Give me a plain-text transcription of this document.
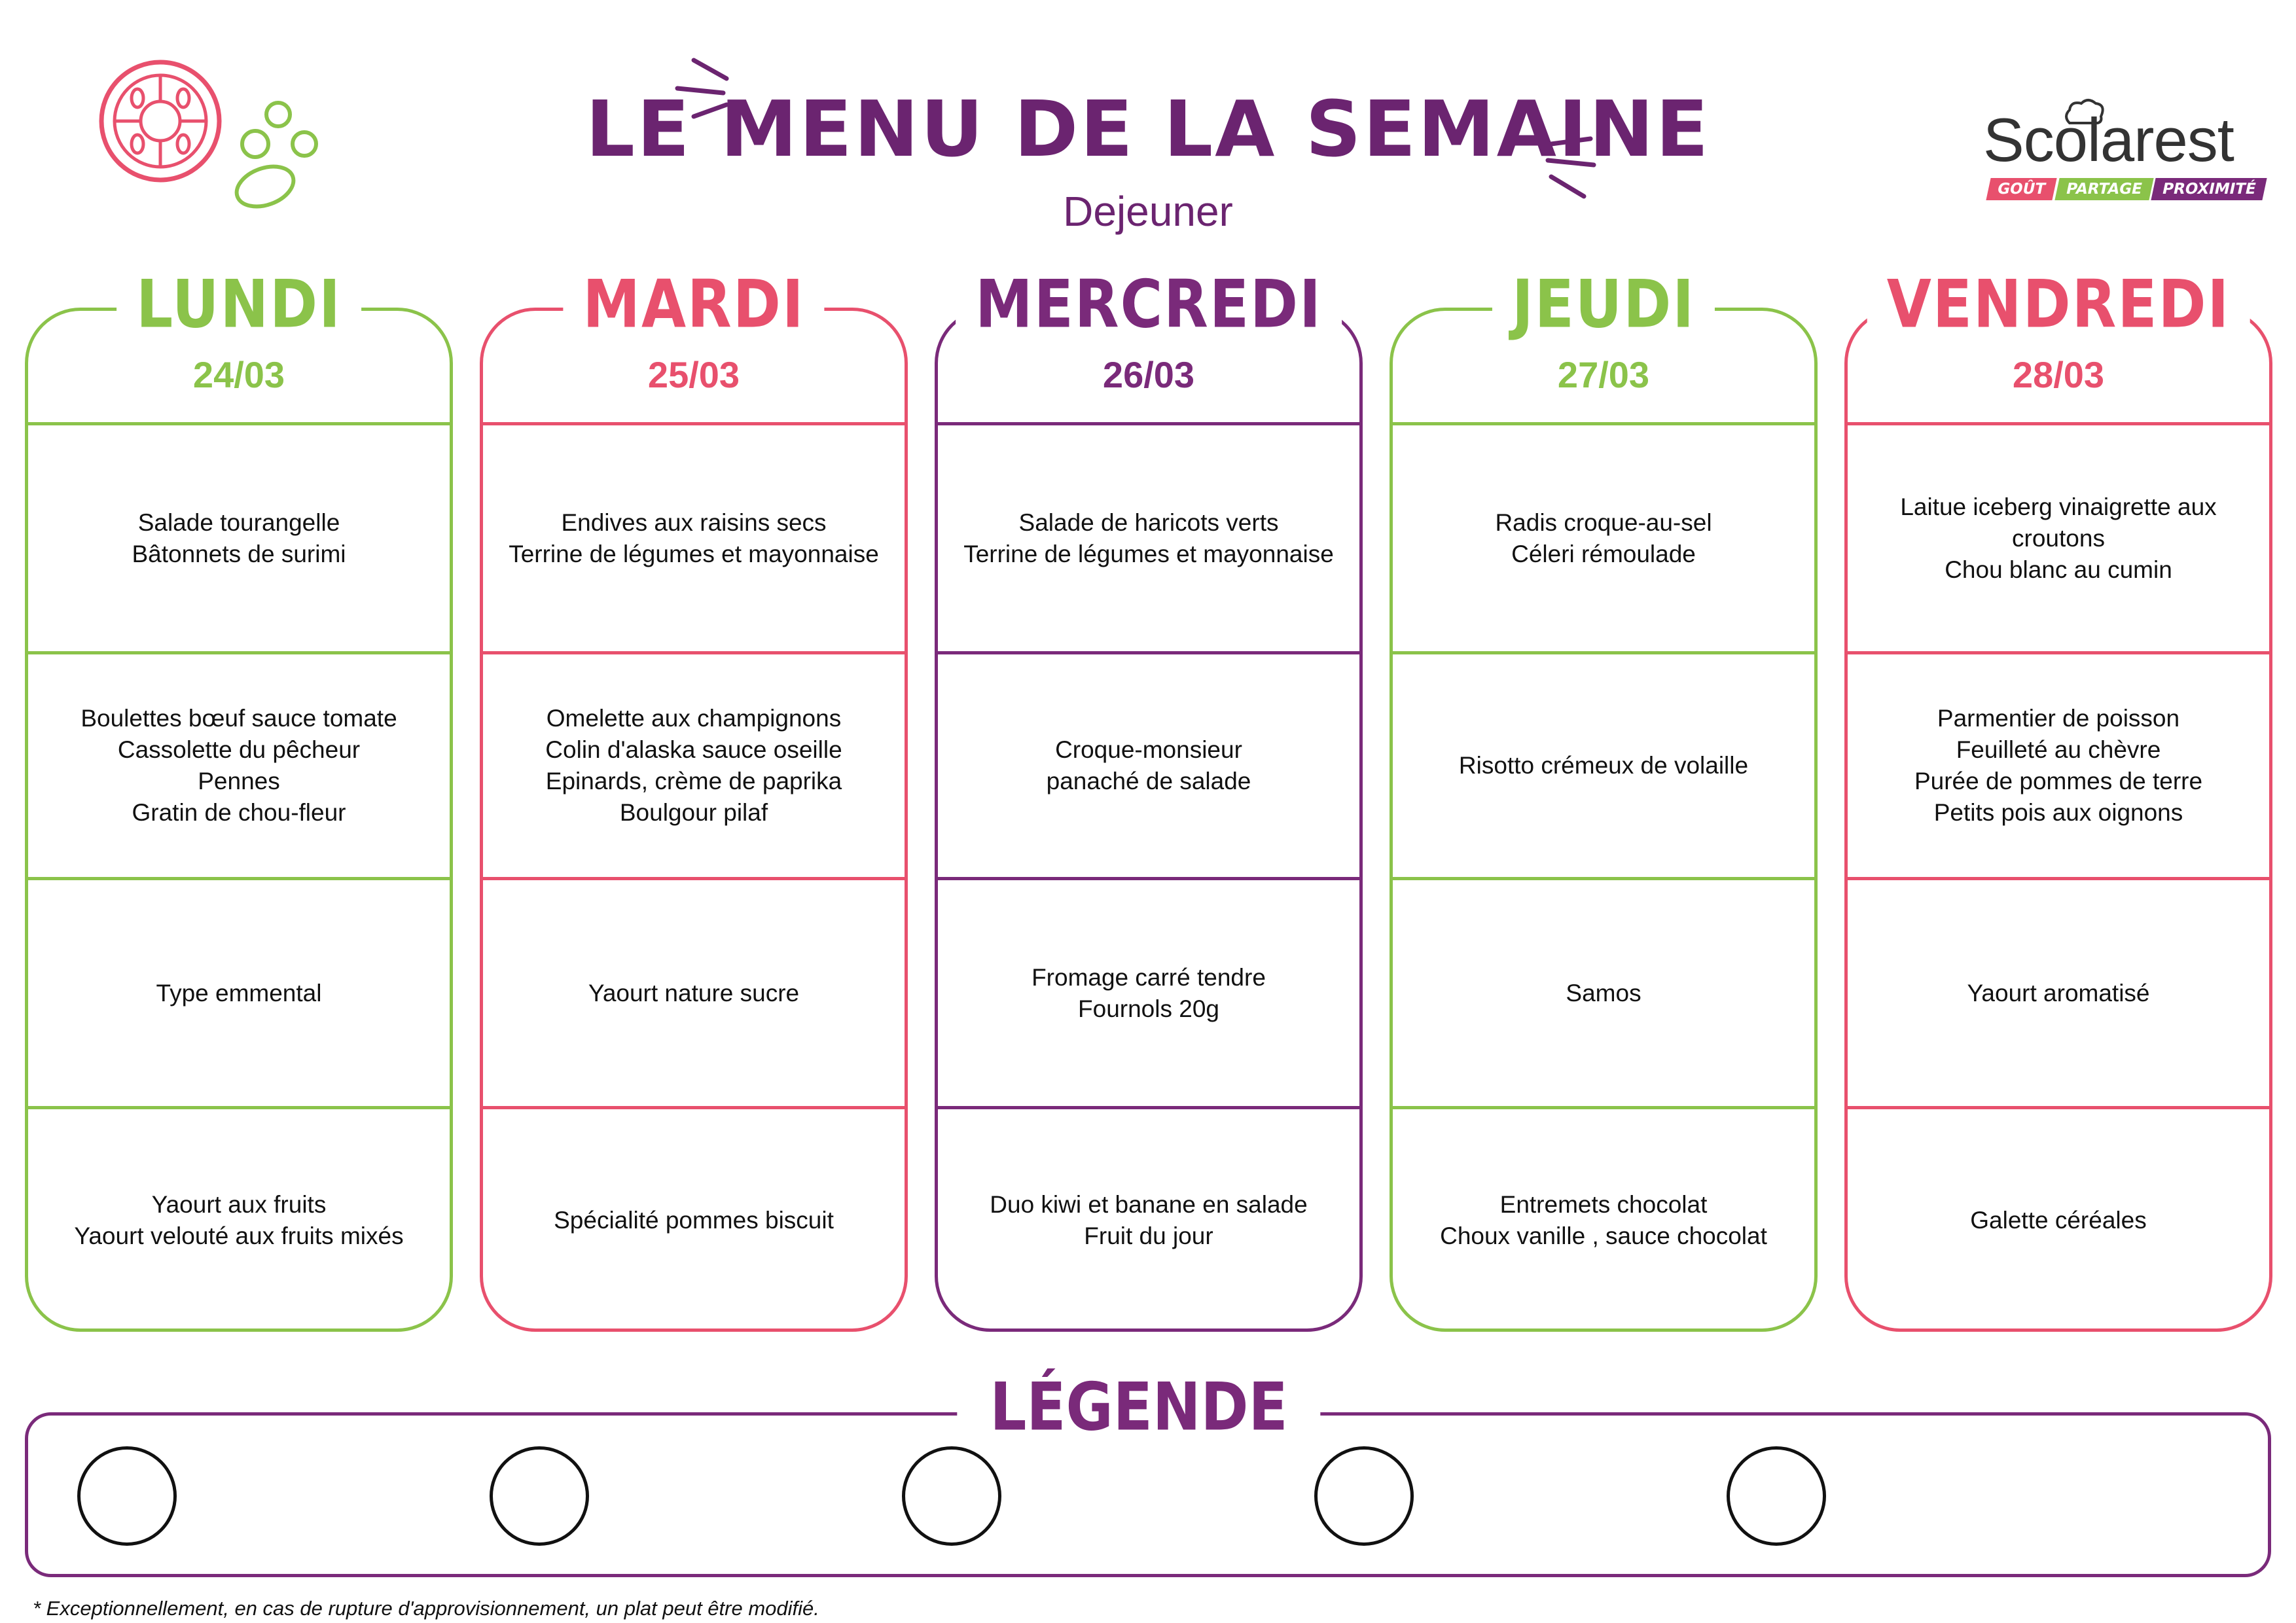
LE MENU DE LA SEMAINE
Dejeuner
Scolarest
GOÛT	PARTAGE	PROXIMITÉ
LUNDI
24/03
Salade tourangelle
Bâtonnets de surimi
Boulettes bœuf sauce tomate
Cassolette du pêcheur
Pennes
Gratin de chou-fleur
Type emmental
Yaourt aux fruits
Yaourt velouté aux fruits mixés
MARDI
25/03
Endives aux raisins secs
Terrine de légumes et mayonnaise
Omelette aux champignons
Colin d'alaska sauce oseille
Epinards, crème de paprika
Boulgour pilaf
Yaourt nature sucre
Spécialité pommes biscuit
MERCREDI
26/03
Salade de haricots verts
Terrine de légumes et mayonnaise
Croque-monsieur
panaché de salade
Fromage carré tendre
Fournols 20g
Duo kiwi et banane en salade
Fruit du jour
JEUDI
27/03
Radis croque-au-sel
Céleri rémoulade
Risotto crémeux de volaille
Samos
Entremets chocolat
Choux vanille , sauce chocolat
VENDREDI
28/03
Laitue iceberg vinaigrette aux croutons
Chou blanc au cumin
Parmentier de poisson
Feuilleté au chèvre
Purée de pommes de terre
Petits pois aux oignons
Yaourt aromatisé
Galette céréales
LÉGENDE
* Exceptionnellement, en cas de rupture d'approvisionnement, un plat peut être modifié.
